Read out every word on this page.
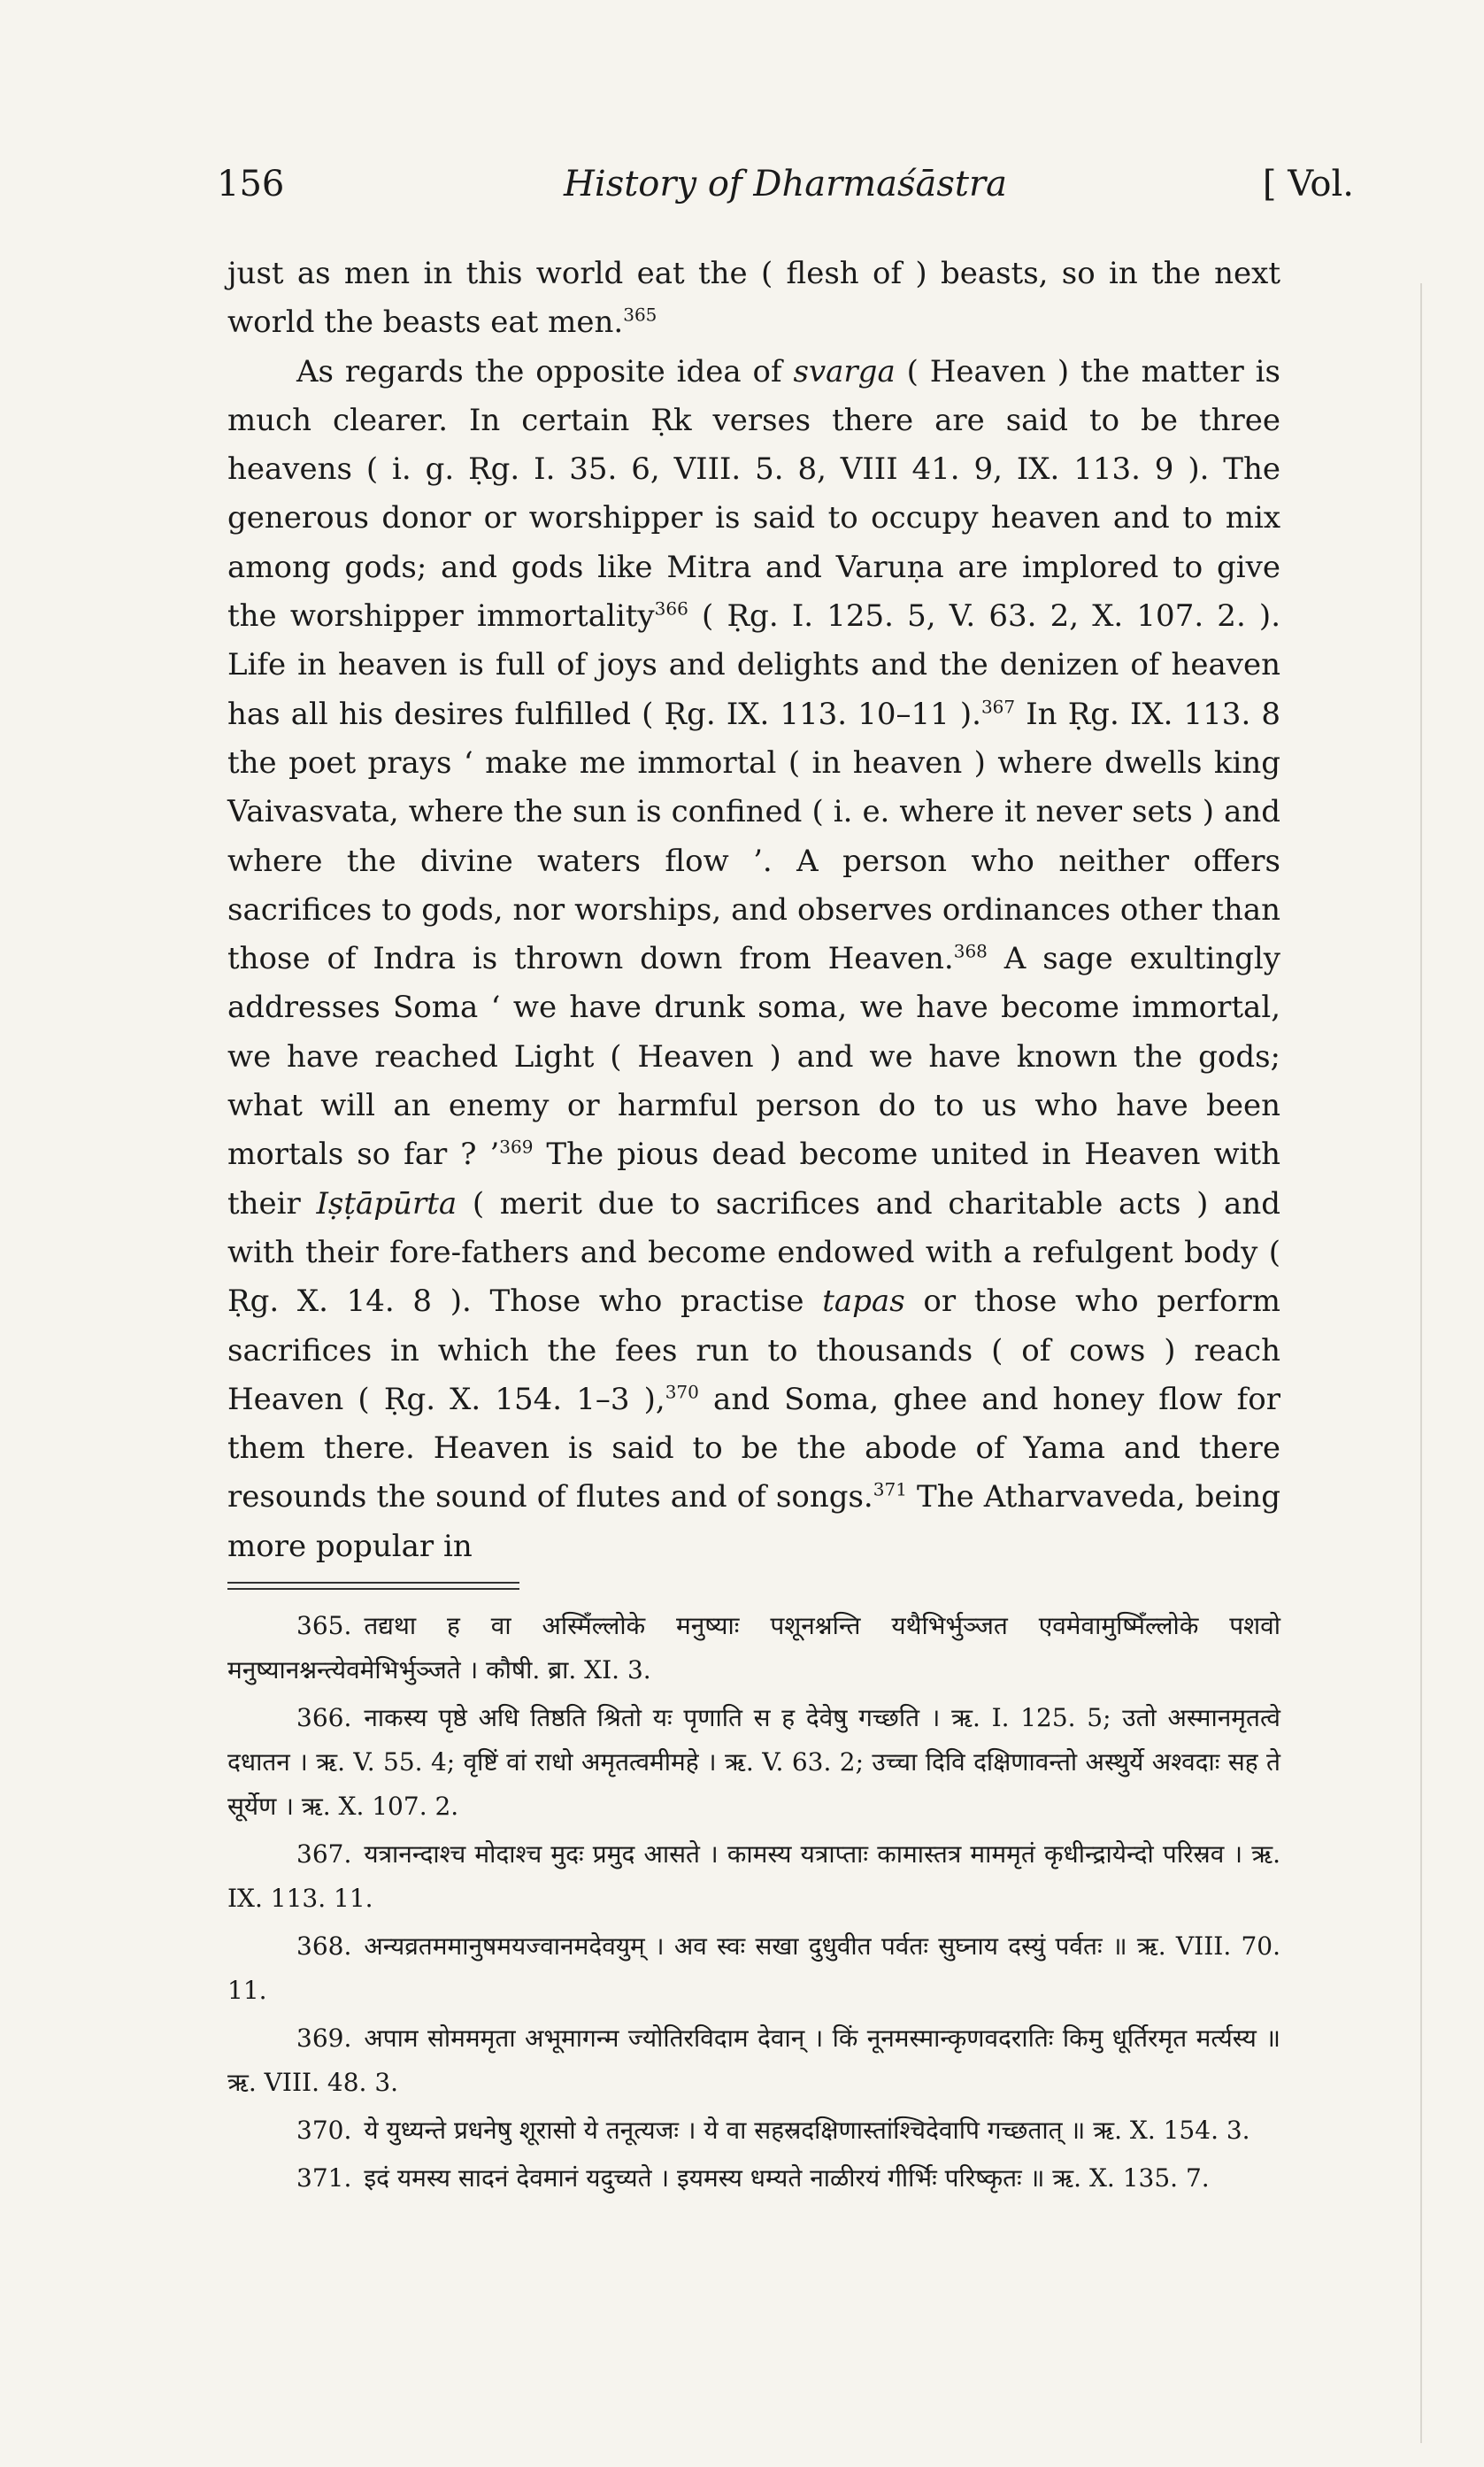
156	History of Dharmaśāstra	[ Vol.

just as men in this world eat the ( flesh of ) beasts, so in the next world the beasts eat men.$^{365}$

As regards the opposite idea of svarga ( Heaven ) the matter is much clearer. In certain Ṛk verses there are said to be three heavens ( i. g. Ṛg. I. 35. 6, VIII. 5. 8, VIII 41. 9, IX. 113. 9 ). The generous donor or worshipper is said to occupy heaven and to mix among gods; and gods like Mitra and Varuṇa are implored to give the worshipper immortality$^{366}$ ( Ṛg. I. 125. 5, V. 63. 2, X. 107. 2. ). Life in heaven is full of joys and delights and the denizen of heaven has all his desires fulfilled ( Ṛg. IX. 113. 10–11 ).$^{367}$ In Ṛg. IX. 113. 8 the poet prays ‘ make me immortal ( in heaven ) where dwells king Vaivasvata, where the sun is confined ( i. e. where it never sets ) and where the divine waters flow ’. A person who neither offers sacrifices to gods, nor worships, and observes ordinances other than those of Indra is thrown down from Heaven.$^{368}$ A sage exultingly addresses Soma ‘ we have drunk soma, we have become immortal, we have reached Light ( Heaven ) and we have known the gods; what will an enemy or harmful person do to us who have been mortals so far ? ’$^{369}$ The pious dead become united in Heaven with their Iṣṭāpūrta ( merit due to sacrifices and charitable acts ) and with their fore-fathers and become endowed with a refulgent body ( Ṛg. X. 14. 8 ). Those who practise tapas or those who perform sacrifices in which the fees run to thousands ( of cows ) reach Heaven ( Ṛg. X. 154. 1–3 ),$^{370}$ and Soma, ghee and honey flow for them there. Heaven is said to be the abode of Yama and there resounds the sound of flutes and of songs.$^{371}$ The Atharvaveda, being more popular in

365. तद्यथा ह वा अस्मिँल्लोके मनुष्याः पशूनश्नन्ति यथैभिर्भुञ्जत एवमेवामुष्मिँल्लोके पशवो मनुष्यानश्नन्त्येवमेभिर्भुञ्जते । कौषी. ब्रा. XI. 3.

366. नाकस्य पृष्ठे अधि तिष्ठति श्रितो यः पृणाति स ह देवेषु गच्छति । ऋ. I. 125. 5; उतो अस्मानमृतत्वे दधातन । ऋ. V. 55. 4; वृष्टिं वां राधो अमृतत्वमीमहे । ऋ. V. 63. 2; उच्चा दिवि दक्षिणावन्तो अस्थुर्ये अश्वदाः सह ते सूर्येण । ऋ. X. 107. 2.

367. यत्रानन्दाश्च मोदाश्च मुदः प्रमुद आसते । कामस्य यत्राप्ताः कामास्तत्र माममृतं कृधीन्द्रायेन्दो परिस्रव । ऋ. IX. 113. 11.

368. अन्यव्रतममानुषमयज्वानमदेवयुम् । अव स्वः सखा दुधुवीत पर्वतः सुघ्नाय दस्युं पर्वतः ॥ ऋ. VIII. 70. 11.

369. अपाम सोमममृता अभूमागन्म ज्योतिरविदाम देवान् । किं नूनमस्मान्कृणवदरातिः किमु धूर्तिरमृत मर्त्यस्य ॥ ऋ. VIII. 48. 3.

370. ये युध्यन्ते प्रधनेषु शूरासो ये तनूत्यजः । ये वा सहस्रदक्षिणास्तांश्चिदेवापि गच्छतात् ॥ ऋ. X. 154. 3.

371. इदं यमस्य सादनं देवमानं यदुच्यते । इयमस्य धम्यते नाळीरयं गीर्भिः परिष्कृतः ॥ ऋ. X. 135. 7.
